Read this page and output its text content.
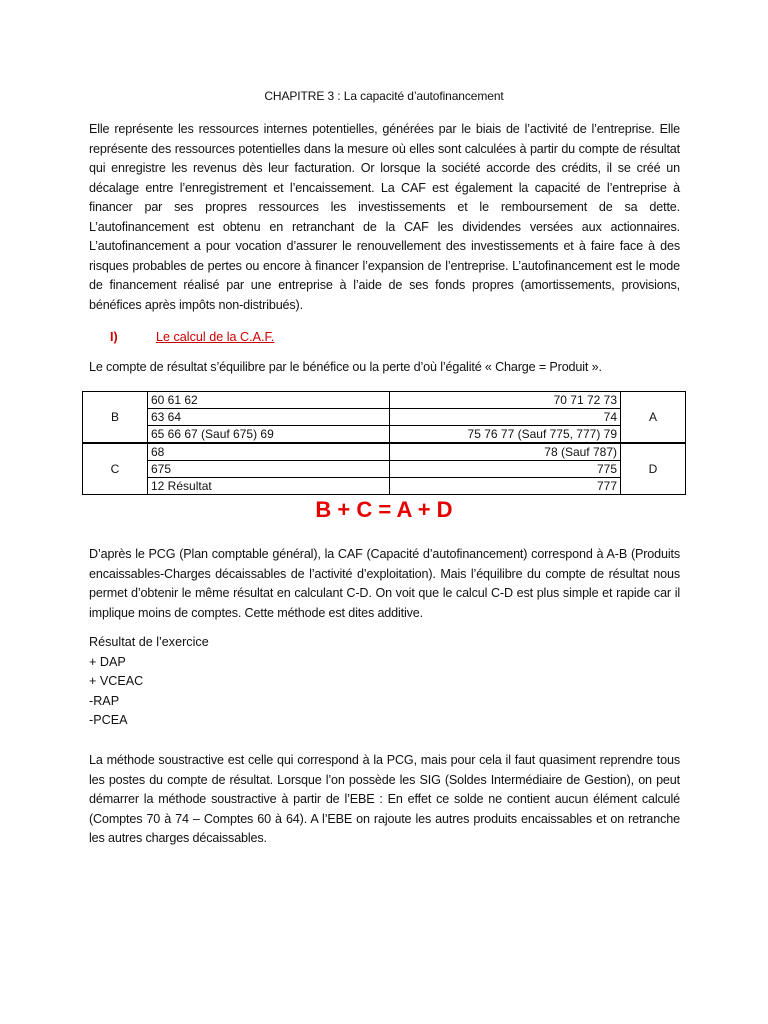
CHAPITRE 3 : La capacité d’autofinancement
Elle représente les ressources internes potentielles, générées par le biais de l’activité de l’entreprise. Elle représente des ressources potentielles dans la mesure où elles sont calculées à partir du compte de résultat qui enregistre les revenus dès leur facturation. Or lorsque la société accorde des crédits, il se créé un décalage entre l’enregistrement et l’encaissement. La CAF est également la capacité de l’entreprise à financer par ses propres ressources les investissements et le remboursement de sa dette. L’autofinancement est obtenu en retranchant de la CAF les dividendes versées aux actionnaires. L’autofinancement a pour vocation d’assurer le renouvellement des investissements et à faire face à des risques probables de pertes ou encore à financer l’expansion de l’entreprise. L’autofinancement est le mode de financement réalisé par une entreprise à l’aide de ses fonds propres (amortissements, provisions, bénéfices après impôts non-distribués).
I)	Le calcul de la C.A.F.
Le compte de résultat s’équilibre par le bénéfice ou la perte d’où l’égalité « Charge = Produit ».
B	60 61 62	70 71 72 73	A
	63 64	74	
	65 66 67 (Sauf 675) 69	75 76 77 (Sauf 775, 777) 79	
C	68	78 (Sauf 787)	D
	675	775	
	12 Résultat	777	
B + C = A + D
D’après le PCG (Plan comptable général), la CAF (Capacité d’autofinancement) correspond à A-B (Produits encaissables-Charges décaissables de l’activité d’exploitation). Mais l’équilibre du compte de résultat nous permet d’obtenir le même résultat en calculant C-D. On voit que le calcul C-D est plus simple et rapide car il implique moins de comptes. Cette méthode est dites additive.
Résultat de l’exercice
+ DAP
+ VCEAC
-RAP
-PCEA
La méthode soustractive est celle qui correspond à la PCG, mais pour cela il faut quasiment reprendre tous les postes du compte de résultat. Lorsque l’on possède les SIG (Soldes Intermédiaire de Gestion), on peut démarrer la méthode soustractive à partir de l’EBE : En effet ce solde ne contient aucun élément calculé (Comptes 70 à 74 – Comptes 60 à 64). A l’EBE on rajoute les autres produits encaissables et on retranche les autres charges décaissables.
